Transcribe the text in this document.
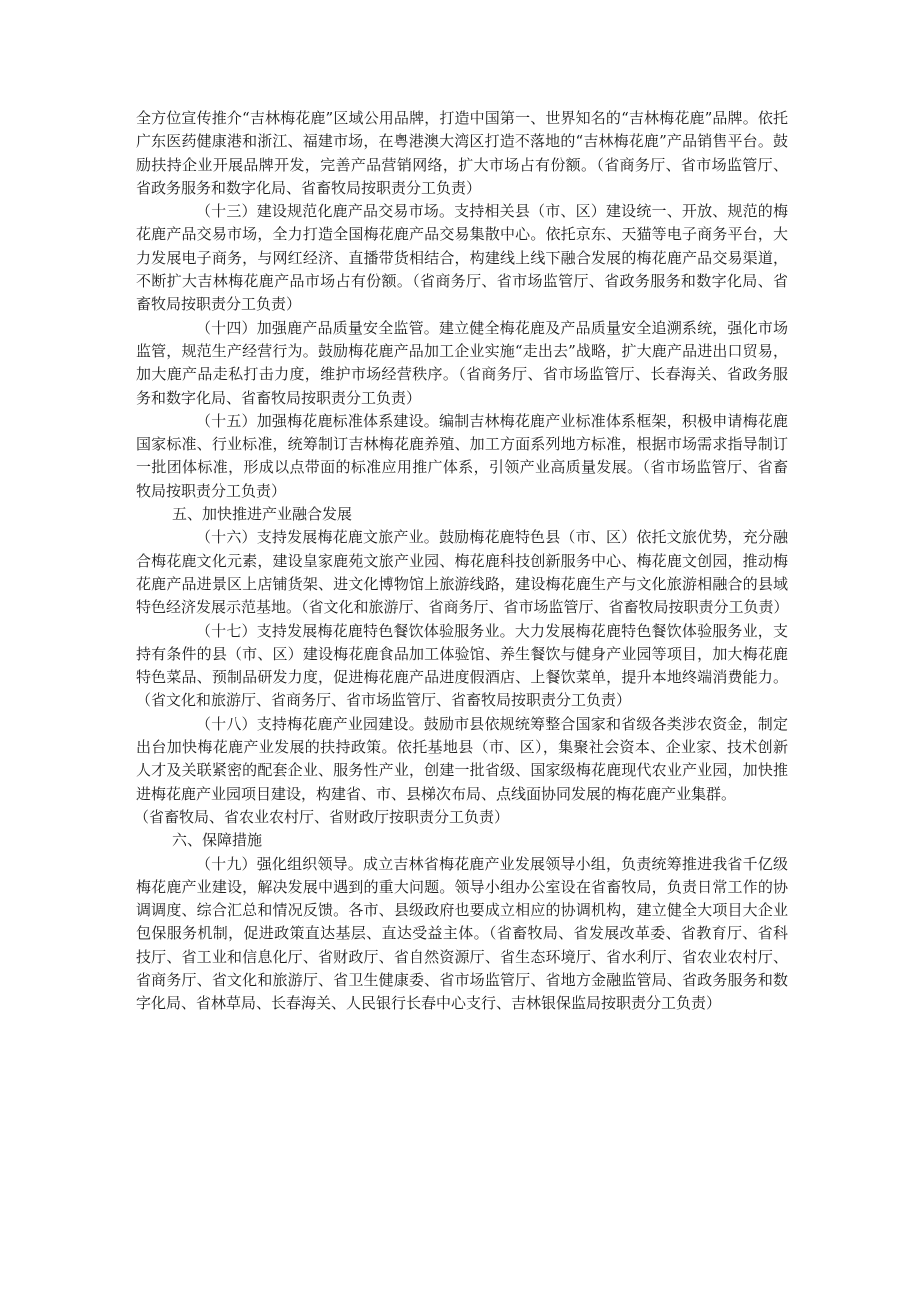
全方位宣传推介“吉林梅花鹿”区域公用品牌，打造中国第一、世界知名的“吉林梅花鹿”品牌。依托广东医药健康港和浙江、福建市场，在粤港澳大湾区打造不落地的“吉林梅花鹿”产品销售平台。鼓励扶持企业开展品牌开发，完善产品营销网络，扩大市场占有份额。（省商务厅、省市场监管厅、省政务服务和数字化局、省畜牧局按职责分工负责）

（十三）建设规范化鹿产品交易市场。支持相关县（市、区）建设统一、开放、规范的梅花鹿产品交易市场，全力打造全国梅花鹿产品交易集散中心。依托京东、天猫等电子商务平台，大力发展电子商务，与网红经济、直播带货相结合，构建线上线下融合发展的梅花鹿产品交易渠道，不断扩大吉林梅花鹿产品市场占有份额。（省商务厅、省市场监管厅、省政务服务和数字化局、省畜牧局按职责分工负责）

（十四）加强鹿产品质量安全监管。建立健全梅花鹿及产品质量安全追溯系统，强化市场监管，规范生产经营行为。鼓励梅花鹿产品加工企业实施“走出去”战略，扩大鹿产品进出口贸易，加大鹿产品走私打击力度，维护市场经营秩序。（省商务厅、省市场监管厅、长春海关、省政务服务和数字化局、省畜牧局按职责分工负责）

（十五）加强梅花鹿标准体系建设。编制吉林梅花鹿产业标准体系框架，积极申请梅花鹿国家标准、行业标准，统筹制订吉林梅花鹿养殖、加工方面系列地方标准，根据市场需求指导制订一批团体标准，形成以点带面的标准应用推广体系，引领产业高质量发展。（省市场监管厅、省畜牧局按职责分工负责）

五、加快推进产业融合发展

（十六）支持发展梅花鹿文旅产业。鼓励梅花鹿特色县（市、区）依托文旅优势，充分融合梅花鹿文化元素，建设皇家鹿苑文旅产业园、梅花鹿科技创新服务中心、梅花鹿文创园，推动梅花鹿产品进景区上店铺货架、进文化博物馆上旅游线路，建设梅花鹿生产与文化旅游相融合的县域特色经济发展示范基地。（省文化和旅游厅、省商务厅、省市场监管厅、省畜牧局按职责分工负责）

（十七）支持发展梅花鹿特色餐饮体验服务业。大力发展梅花鹿特色餐饮体验服务业，支持有条件的县（市、区）建设梅花鹿食品加工体验馆、养生餐饮与健身产业园等项目，加大梅花鹿特色菜品、预制品研发力度，促进梅花鹿产品进度假酒店、上餐饮菜单，提升本地终端消费能力。（省文化和旅游厅、省商务厅、省市场监管厅、省畜牧局按职责分工负责）

（十八）支持梅花鹿产业园建设。鼓励市县依规统筹整合国家和省级各类涉农资金，制定出台加快梅花鹿产业发展的扶持政策。依托基地县（市、区），集聚社会资本、企业家、技术创新人才及关联紧密的配套企业、服务性产业，创建一批省级、国家级梅花鹿现代农业产业园，加快推进梅花鹿产业园项目建设，构建省、市、县梯次布局、点线面协同发展的梅花鹿产业集群。

（省畜牧局、省农业农村厅、省财政厅按职责分工负责）

六、保障措施

（十九）强化组织领导。成立吉林省梅花鹿产业发展领导小组，负责统筹推进我省千亿级梅花鹿产业建设，解决发展中遇到的重大问题。领导小组办公室设在省畜牧局，负责日常工作的协调调度、综合汇总和情况反馈。各市、县级政府也要成立相应的协调机构，建立健全大项目大企业包保服务机制，促进政策直达基层、直达受益主体。（省畜牧局、省发展改革委、省教育厅、省科技厅、省工业和信息化厅、省财政厅、省自然资源厅、省生态环境厅、省水利厅、省农业农村厅、省商务厅、省文化和旅游厅、省卫生健康委、省市场监管厅、省地方金融监管局、省政务服务和数字化局、省林草局、长春海关、人民银行长春中心支行、吉林银保监局按职责分工负责）
